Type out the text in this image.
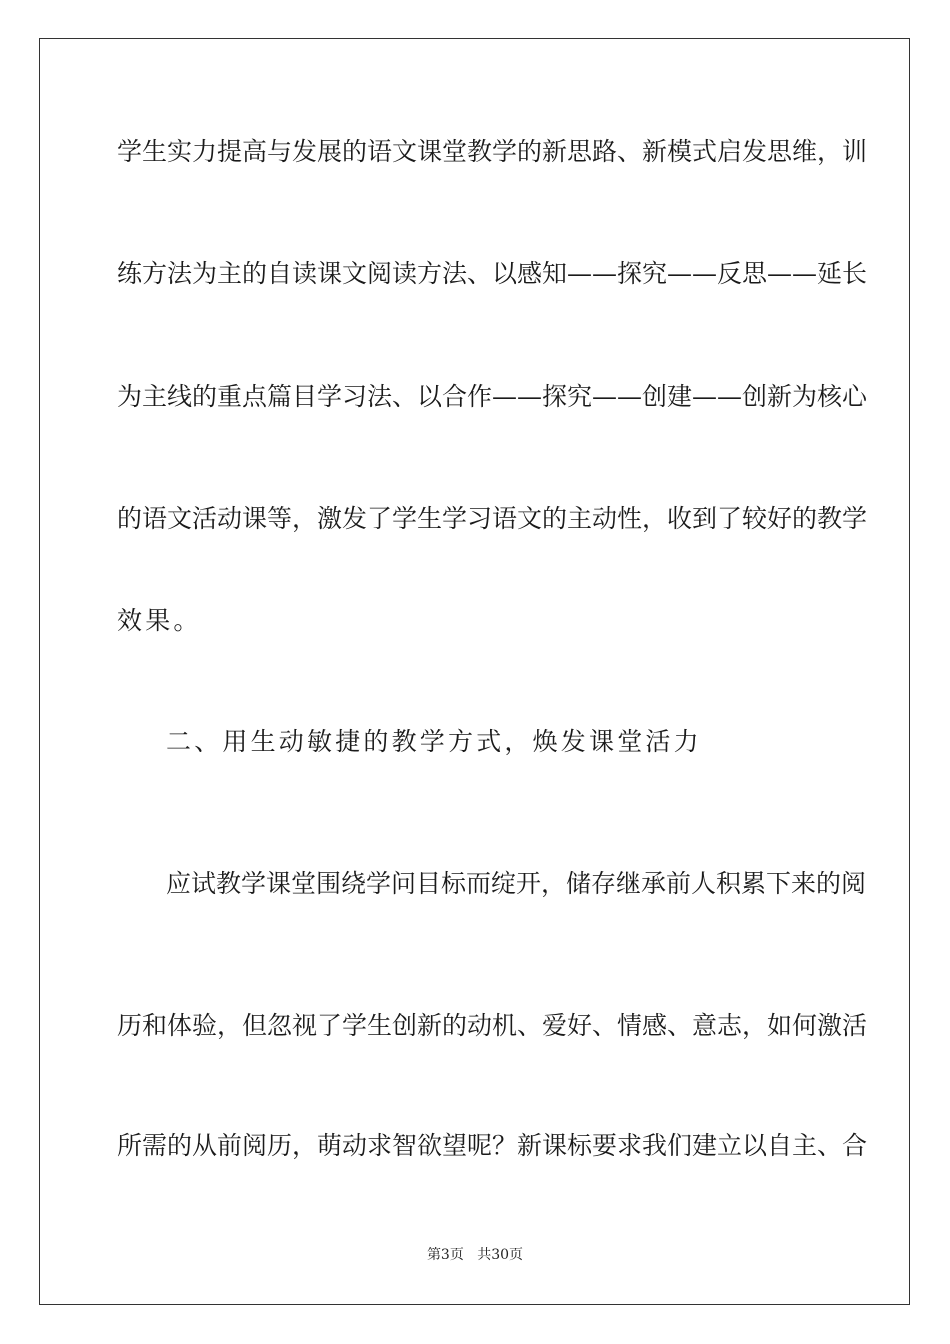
学生实力提高与发展的语文课堂教学的新思路、新模式启发思维，训
练方法为主的自读课文阅读方法、以感知——探究——反思——延长
为主线的重点篇目学习法、以合作——探究——创建——创新为核心
的语文活动课等，激发了学生学习语文的主动性，收到了较好的教学
效果。
二、用生动敏捷的教学方式，焕发课堂活力
应试教学课堂围绕学问目标而绽开，储存继承前人积累下来的阅
历和体验，但忽视了学生创新的动机、爱好、情感、意志，如何激活
所需的从前阅历，萌动求智欲望呢？新课标要求我们建立以自主、合
第3页 共30页
